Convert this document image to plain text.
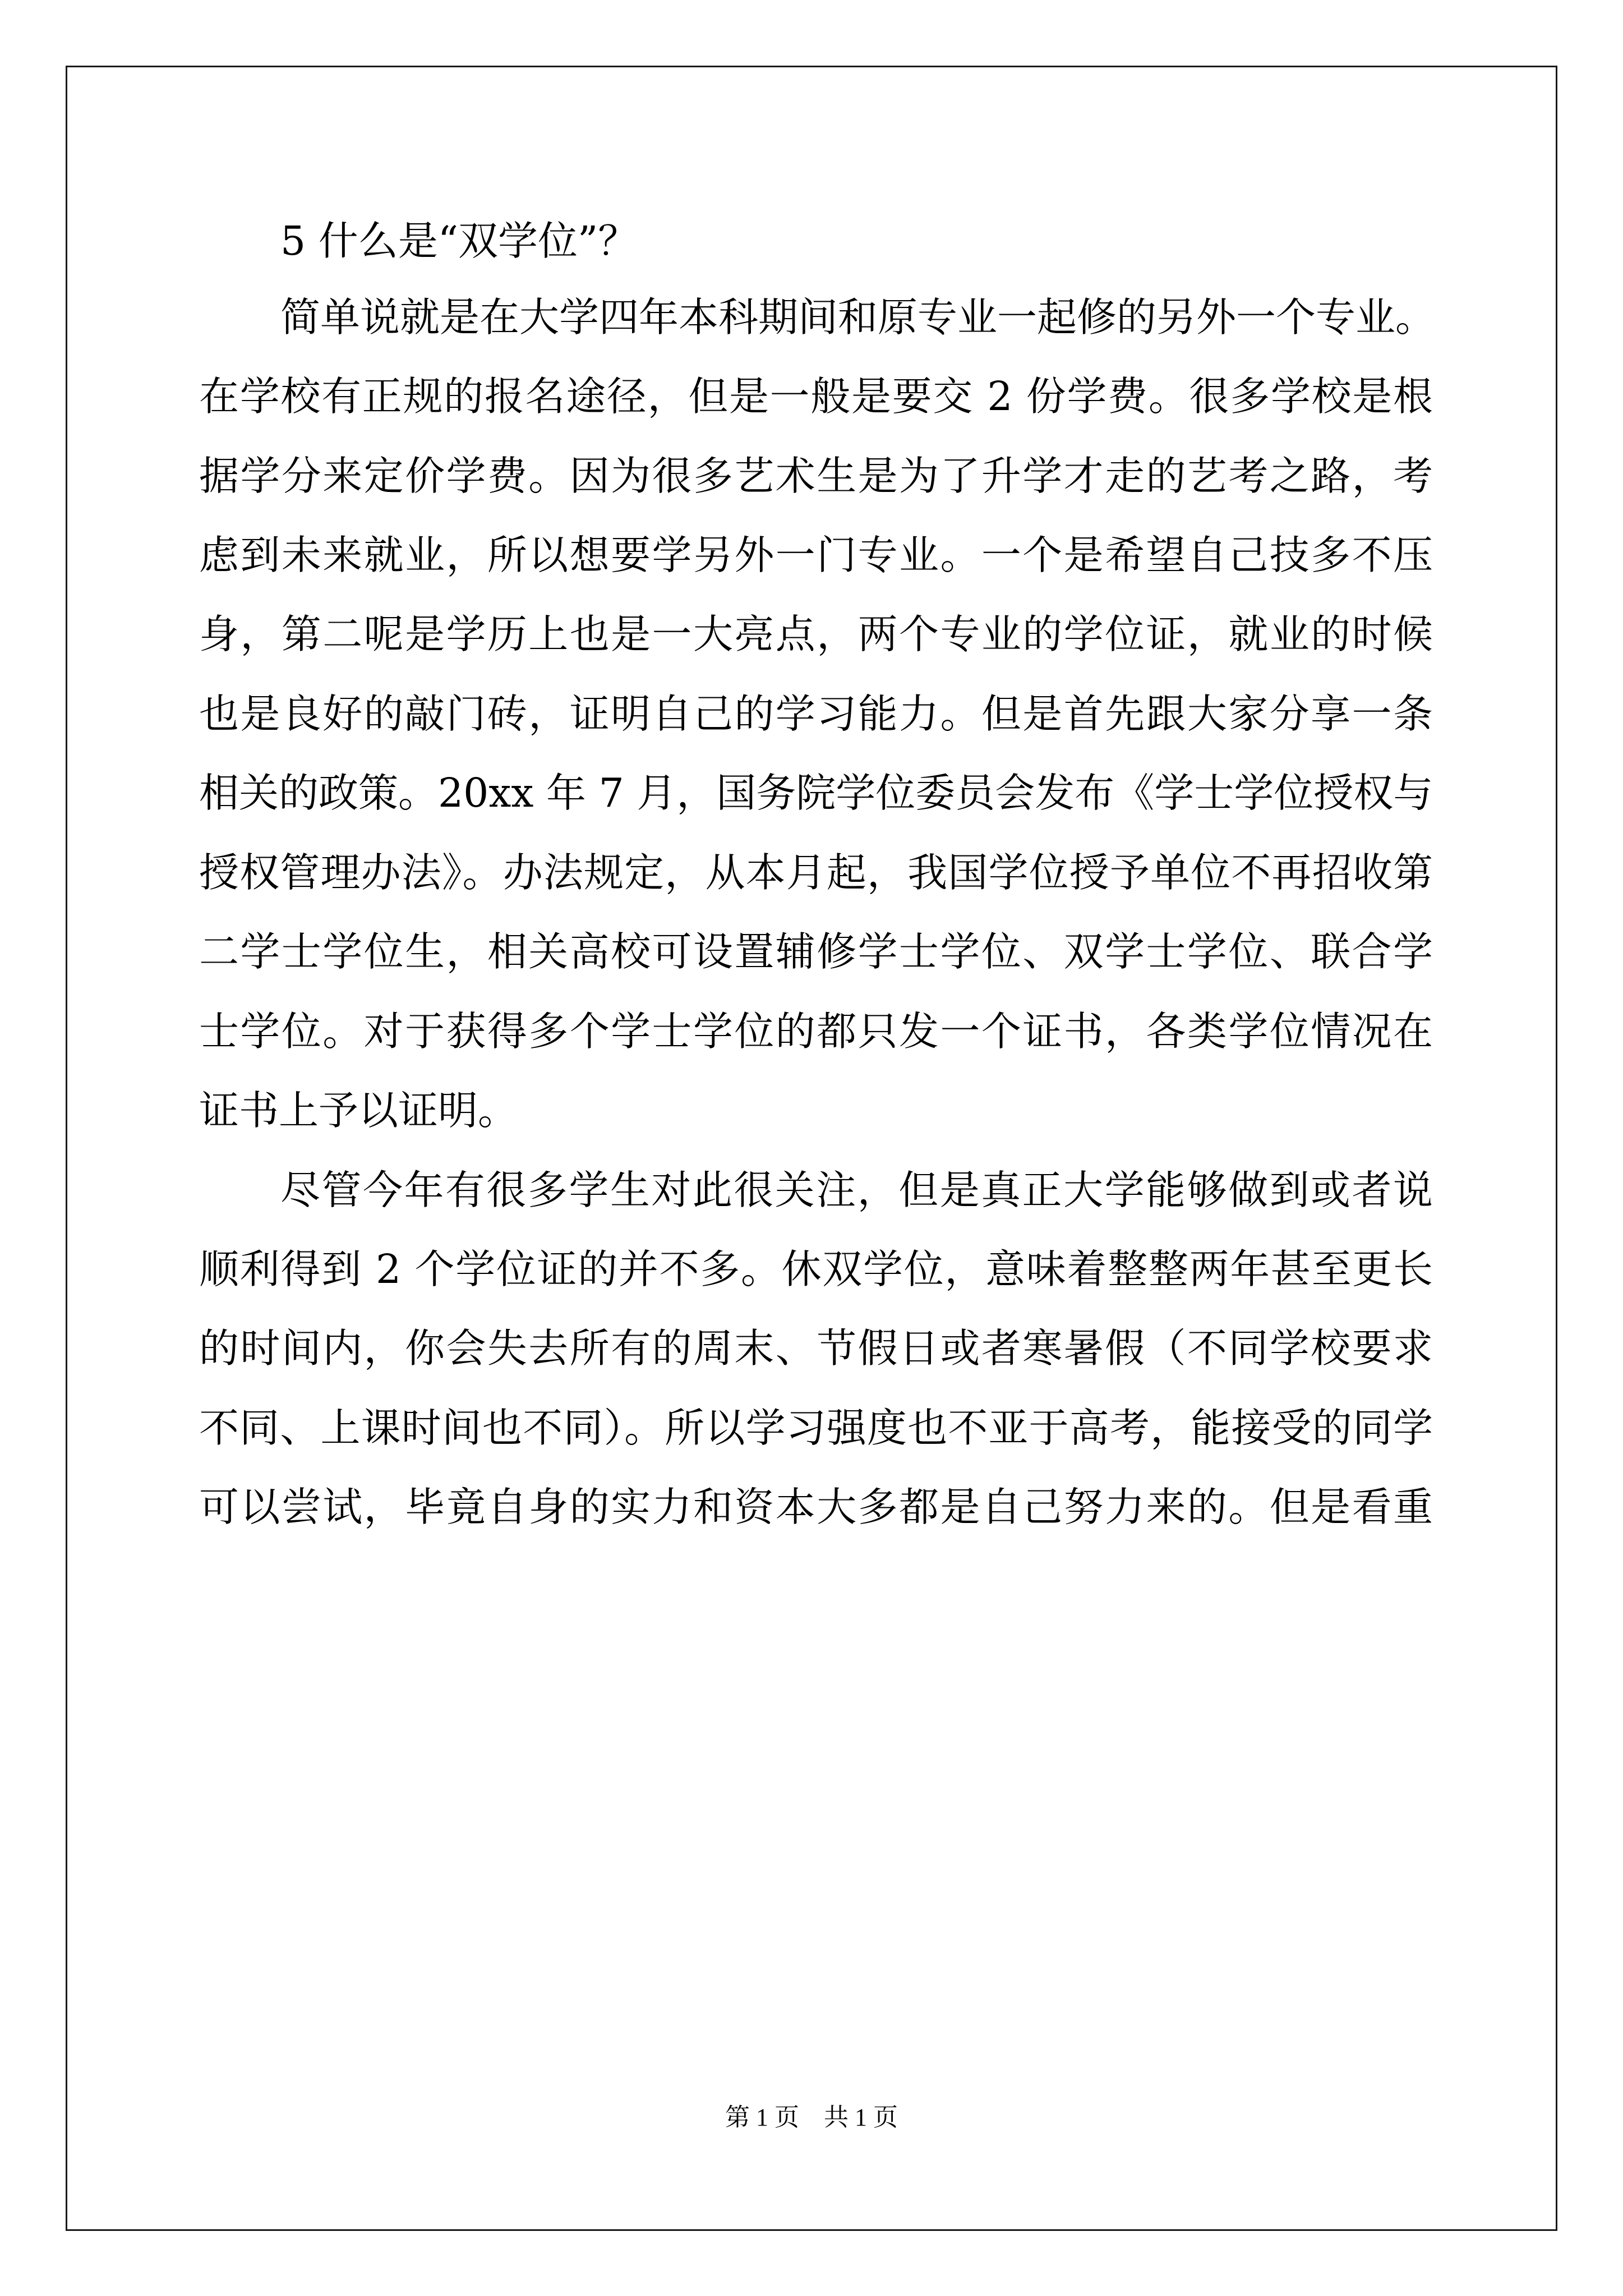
5 什么是“双学位”？
简单说就是在大学四年本科期间和原专业一起修的另外一个专业。
在学校有正规的报名途径，但是一般是要交 2 份学费。很多学校是根
据学分来定价学费。因为很多艺术生是为了升学才走的艺考之路，考
虑到未来就业，所以想要学另外一门专业。一个是希望自己技多不压
身，第二呢是学历上也是一大亮点，两个专业的学位证，就业的时候
也是良好的敲门砖，证明自己的学习能力。但是首先跟大家分享一条
相关的政策。20xx 年 7 月，国务院学位委员会发布《学士学位授权与
授权管理办法》。办法规定，从本月起，我国学位授予单位不再招收第
二学士学位生，相关高校可设置辅修学士学位、双学士学位、联合学
士学位。对于获得多个学士学位的都只发一个证书，各类学位情况在
证书上予以证明。
尽管今年有很多学生对此很关注，但是真正大学能够做到或者说
顺利得到 2 个学位证的并不多。休双学位，意味着整整两年甚至更长
的时间内，你会失去所有的周末、节假日或者寒暑假（不同学校要求
不同、上课时间也不同）。所以学习强度也不亚于高考，能接受的同学
可以尝试，毕竟自身的实力和资本大多都是自己努力来的。但是看重
第 1 页　共 1 页
